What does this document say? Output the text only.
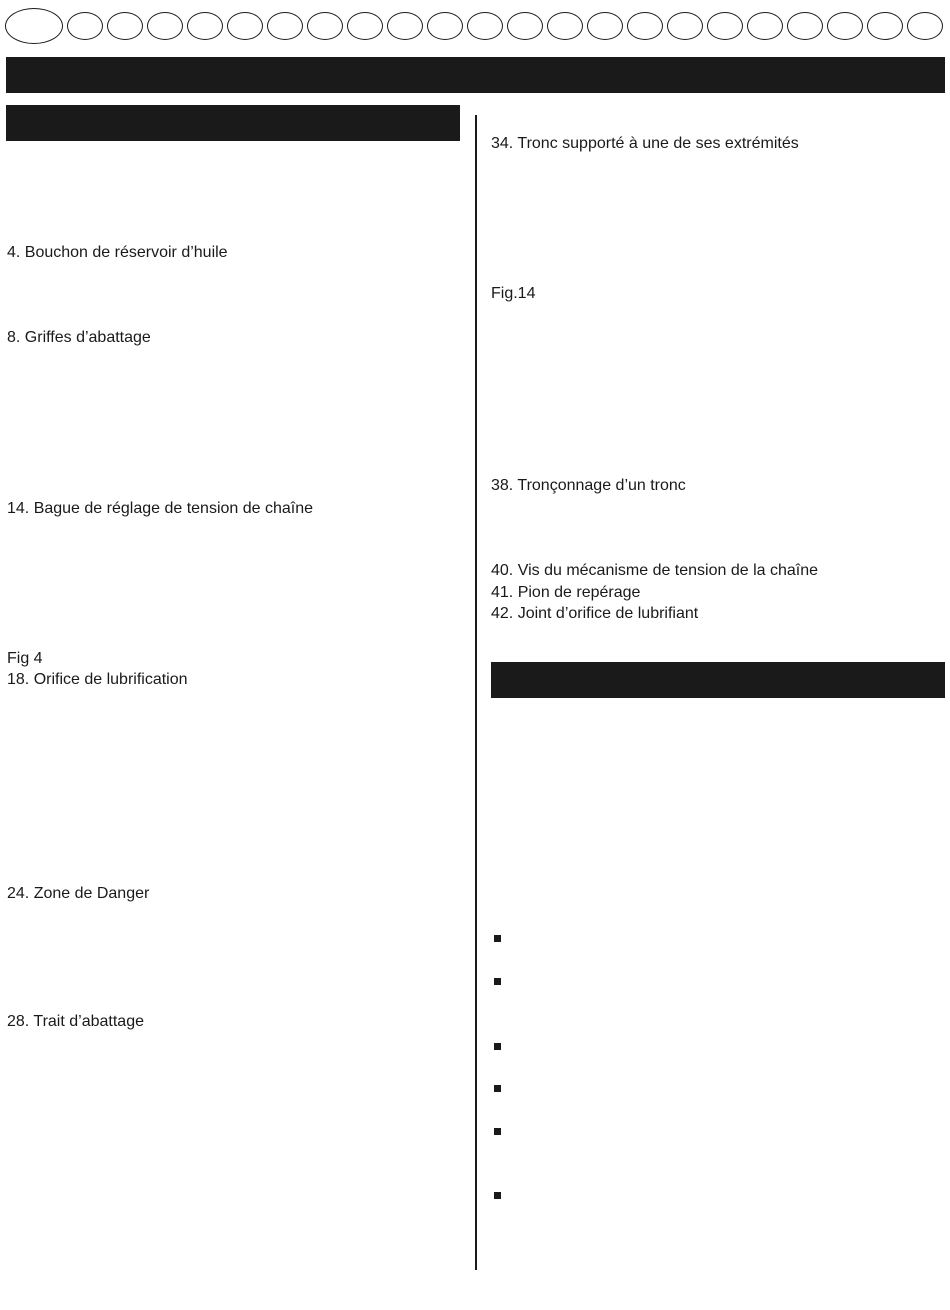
4. Bouchon de réservoir d’huile
8. Griffes d’abattage
14. Bague de réglage de tension de chaîne
Fig 4
18. Orifice de lubrification
24. Zone de Danger
28. Trait d’abattage
34. Tronc supporté à une de ses extrémités
Fig.14
38. Tronçonnage d’un tronc
40. Vis du mécanisme de tension de la chaîne
41. Pion de repérage
42. Joint d’orifice de lubrifiant
